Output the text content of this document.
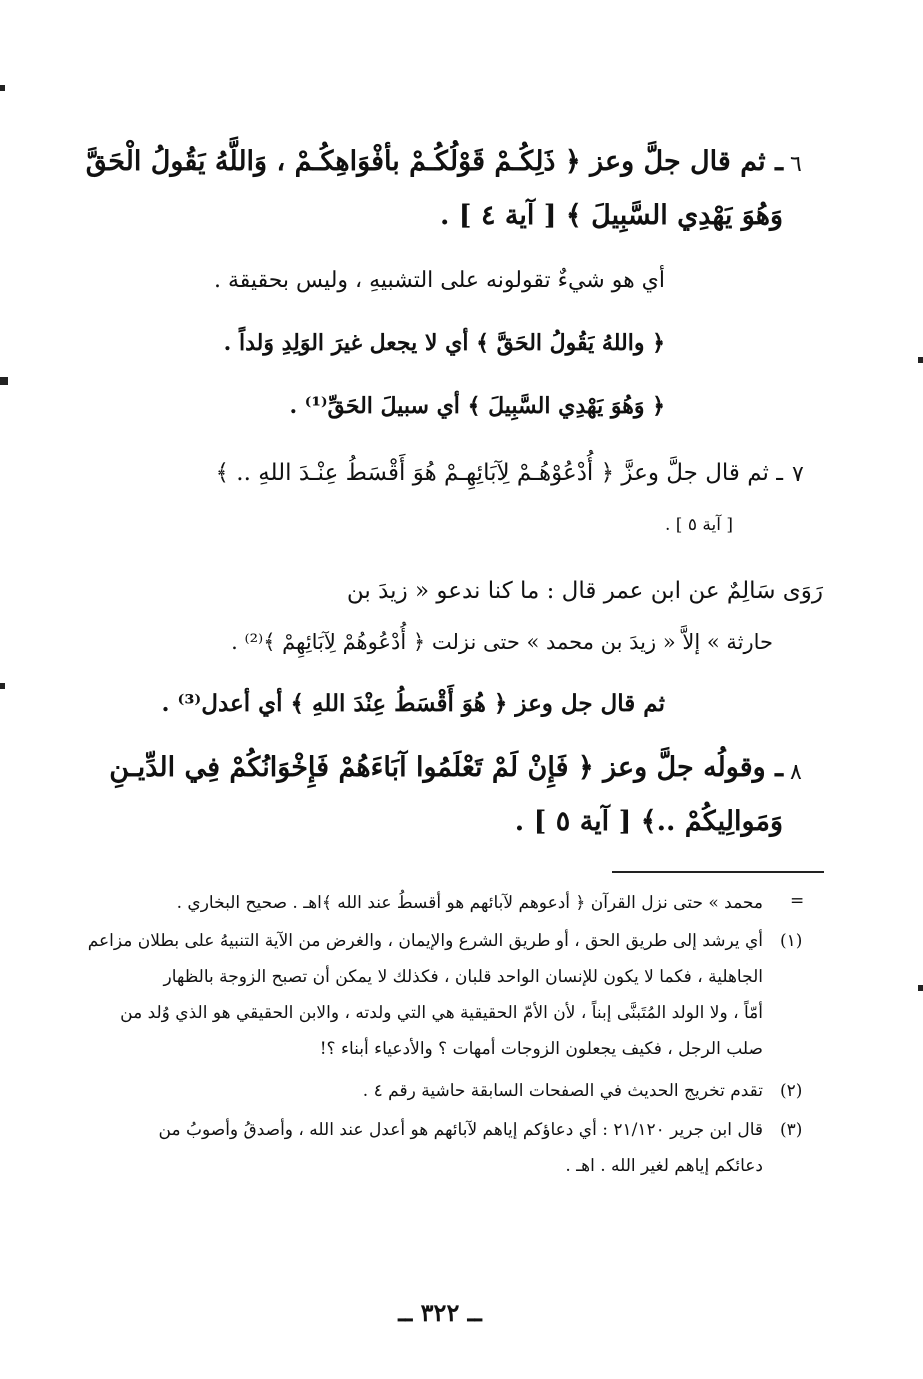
٦
ـ ثم قال جلَّ وعز ﴿ ذَلِكُـمْ قَوْلُكُـمْ بأفْوَاهِكُـمْ ، وَاللَّهُ يَقُولُ الْحَقَّ
وَهُوَ يَهْدِي السَّبِيلَ ﴾ [ آية ٤ ] .
أي هو شيءٌ تقولونه على التشبيهِ ، وليس بحقيقة .
﴿ واللهُ يَقُولُ الحَقَّ ﴾ أي لا يجعل غيرَ الوَلِدِ وَلداً .
﴿ وَهُوَ يَهْدِي السَّبِيلَ ﴾ أي سبيلَ الحَقِّ⁽¹⁾ .
٧
ـ ثم قال جلَّ وعزَّ ﴿ أُدْعُوْهُـمْ لِآبَائِهِـمْ هُوَ أَقْسَطُ عِنْـدَ اللهِ .. ﴾
[ آية ٥ ] .
رَوَى سَالِمٌ عن ابن عمر قال : ما كنا ندعو « زيدَ بن
حارثة » إلاَّ « زيدَ بن محمد » حتى نزلت ﴿ أُدْعُوهُمْ لِآبَائِهِمْ ﴾⁽²⁾ .
ثم قال جل وعز ﴿ هُوَ أَقْسَطُ عِنْدَ اللهِ ﴾ أي أعدل⁽³⁾ .
٨
ـ وقولُه جلَّ وعز ﴿ فَإِنْ لَمْ تَعْلَمُوا آبَاءَهُمْ فَإِخْوَانُكُمْ فِي الدِّيـنِ
وَمَوالِيكُمْ ..﴾ [ آية ٥ ] .
=
محمد » حتى نزل القرآن ﴿ أدعوهم لآبائهم هو أقسطُ عند الله ﴾اهـ . صحيح البخاري .
(١)
أي يرشد إلى طريق الحق ، أو طريق الشرع والإيمان ، والغرض من الآية التنبيهُ على بطلان مزاعم
الجاهلية ، فكما لا يكون للإنسان الواحد قلبان ، فكذلك لا يمكن أن تصبح الزوجة بالظهار
أمّاً ، ولا الولد المُتَبنَّى إبناً ، لأن الأمّ الحقيقية هي التي ولدته ، والابن الحقيقي هو الذي وُلد من
صلب الرجل ، فكيف يجعلون الزوجات أمهات ؟ والأدعياء أبناء ؟!
(٢)
تقدم تخريج الحديث في الصفحات السابقة حاشية رقم ٤ .
(٣)
قال ابن جرير ٢١/١٢٠ : أي دعاؤكم إياهم لآبائهم هو أعدل عند الله ، وأصدقُ وأصوبُ من
دعائكم إياهم لغير الله . اهـ .
ــ ٣٢٢ ــ
